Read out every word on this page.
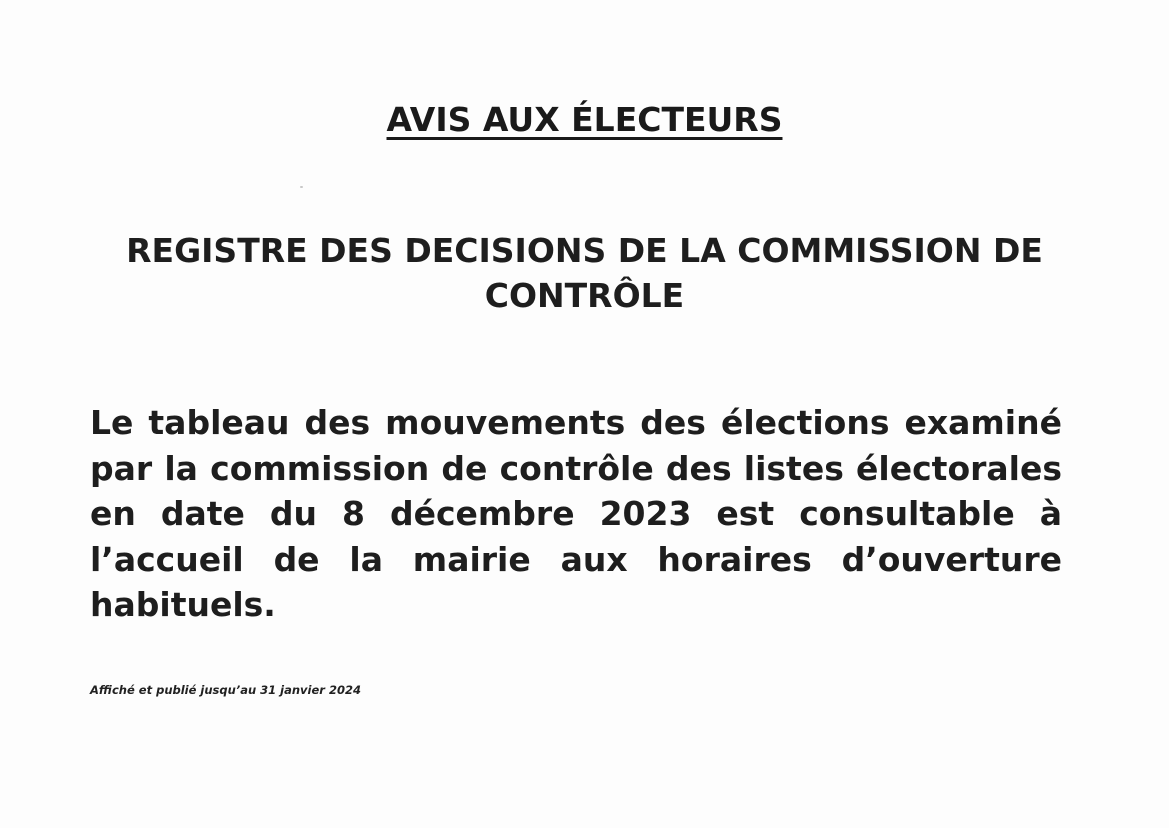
AVIS AUX ÉLECTEURS
REGISTRE DES DECISIONS DE LA COMMISSION DE CONTRÔLE

Le tableau des mouvements des élections examiné par la commission de contrôle des listes électorales en date du 8 décembre 2023 est consultable à l’accueil de la mairie aux horaires d’ouverture habituels.

Affiché et publié jusqu’au 31 janvier 2024
